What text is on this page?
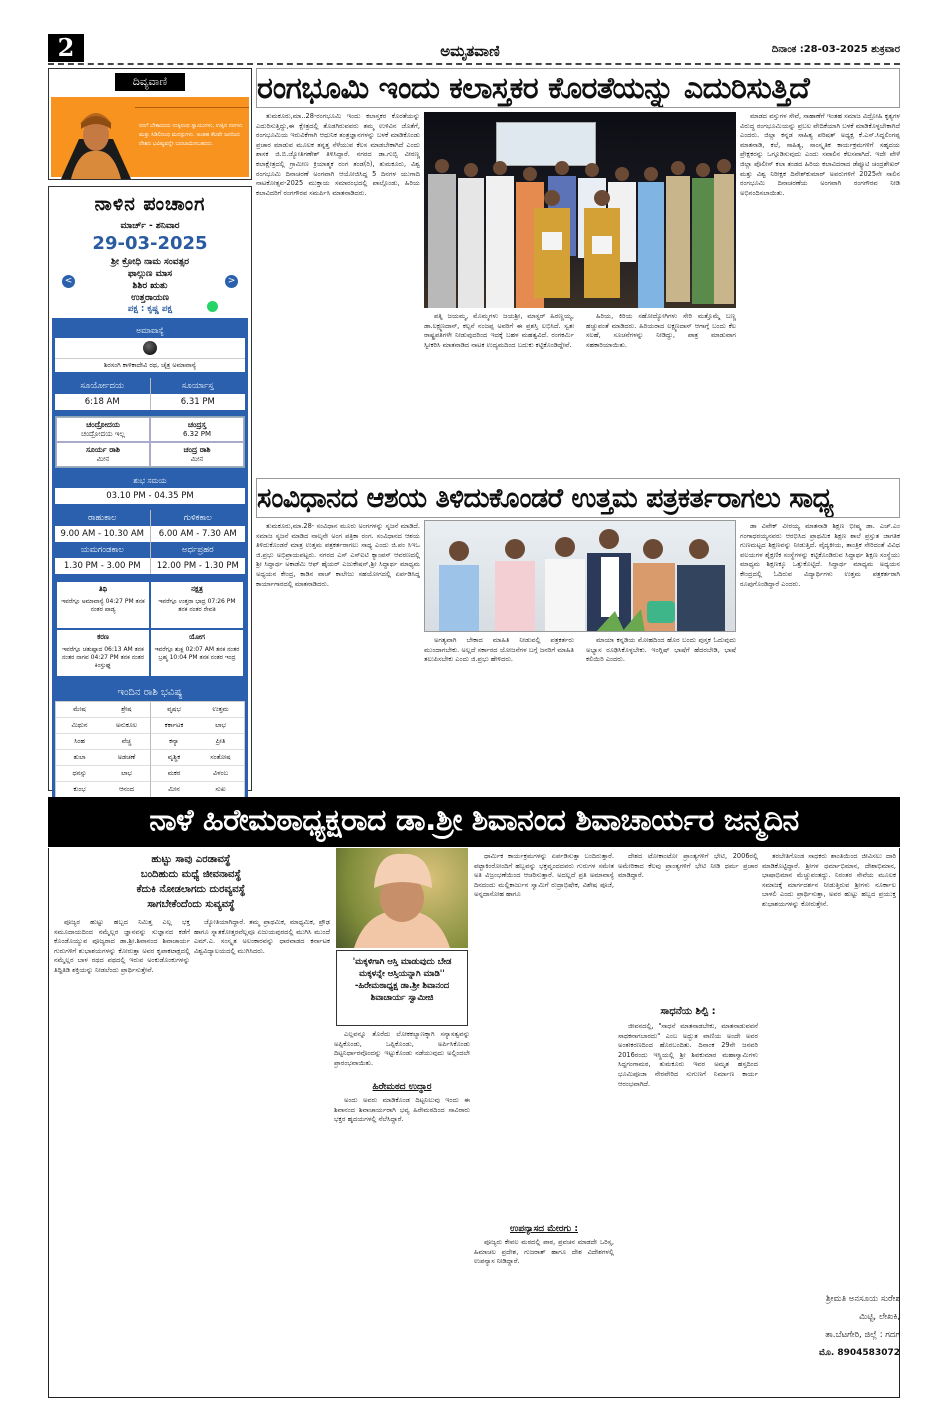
2	ಅಮೃತವಾಣಿ	ದಿನಾಂಕ :28-03-2025 ಶುಕ್ರವಾರ
ದಿವ್ಯವಾಣಿ
ನನಗೆ ಬೇಕಾದುದು ಉಕ್ಕಿನಂಥ ಸ್ನಾಯುಗಳು, ಉಕ್ಕಿನ ನರಗಳು ಮತ್ತು ಸಿಡಿಲಿನಂಥ ಮನಸ್ಸುಗಳು. ಅಂತಹ ಕೆಲವೇ ಜನರಿಂದ ದೇಶದ ಭವಿಷ್ಯವನ್ನೇ ಬದಲಾಯಿಸಬಹುದು.
ನಾಳಿನ ಪಂಚಾಂಗ
ಮಾರ್ಚ್ - ಶನಿವಾರ
29-03-2025
ಶ್ರೀ ಕ್ರೋಧಿ ನಾಮ ಸಂವತ್ಸರ
ಫಾಲ್ಗುಣ ಮಾಸ
ಶಿಶಿರ ಋತು
ಉತ್ತರಾಯಣ
ಪಕ್ಷ : ಕೃಷ್ಣ ಪಕ್ಷ
<	>
ಅಮಾವಾಸ್ಯೆ
ಶಿರಸಂಗಿ ಕಾಳಿಕಾದೇವಿ ರಥ, ಚೈತ್ರ ಅಮಾವಾಸ್ಯೆ
ಸೂರ್ಯೋದಯ	ಸೂರ್ಯಾಸ್ತ
6:18 AM	6.31 PM
ಚಂದ್ರೋದಯ
ಚಂದ್ರೋದಯ ಇಲ್ಲ
ಚಂದ್ರಸ್ತ
6.32 PM
ಸೂರ್ಯ ರಾಶಿ
ಮೀನ
ಚಂದ್ರ ರಾಶಿ
ಮೀನ
ಶುಭ ಸಮಯ
03.10 PM - 04.35 PM
ರಾಹುಕಾಲ	ಗುಳಿಕಕಾಲ
9.00 AM - 10.30 AM	6.00 AM - 7.30 AM
ಯಮಗಂಡಕಾಲ	ಅರ್ಧಪ್ರಹರ
1.30 PM - 3.00 PM	12.00 PM - 1.30 PM
ತಿಥಿ
ಇವರೆಗ್ಗೂ ಅಮಾವಾಸ್ಯೆ 04:27 PM ತನಕ ನಂತರ ಪಾಡ್ಯ
ನಕ್ಷತ್ರ
ಇವರೆಗ್ಗೂ ಉತ್ತರಾ ಭಾದ್ರ 07:26 PM ತನಕ ನಂತರ ರೇವತಿ
ಕರಣ
ಇವರೆಗ್ಗೂ ಚತುಷ್ಪಾದ 06:13 AM ತನಕ ನಂತರ ನಾಗವ 04:27 PM ತನಕ ನಂತರ ಕಿಂಸ್ತುಘ್ನ
ಯೋಗ
ಇವರೆಗ್ಗೂ ಶುಕ್ಲ 02:07 AM ತನಕ ನಂತರ ಬ್ರಹ್ಮ 10:04 PM ತನಕ ನಂತರ ಇಂದ್ರ
ಇಂದಿನ ರಾಶಿ ಭವಿಷ್ಯ
ಮೇಷ	ಶ್ರೇಷ	ವೃಷಭ	ಉತ್ತಮ
ಮಿಥುನ	ಅನುಕೂಲ	ಕರ್ಕಾಟಕ	ಲಾಭ
ಸಿಂಹ	ವೆಚ್ಚ	ಕನ್ಯಾ	ಪ್ರೀತಿ
ತುಲಾ	ಅಡಚಣೆ	ವೃಶ್ಚಿಕ	ಸಂತೋಷ
ಧನಸ್ಸು	ಲಾಭ	ಮಕರ	ವಿಳಂಬ
ಕುಂಭ	ಆನಂದ	ಮೀನ	ಸುಖ
ರಂಗಭೂಮಿ ಇಂದು ಕಲಾಸ್ತಕರ ಕೊರತೆಯನ್ನು ಎದುರಿಸುತ್ತಿದೆ

ತುಮಕೂರು,ಮಾ..28-ರಂಗಭೂಮಿ ಇಂದು ಕಲಾಸ್ತಕರ ಕೊರತೆಯನ್ನು ಎದುರಿಸುತ್ತಿದ್ದು,ಈ ಕ್ಷೇತ್ರದಲ್ಲಿ ತೊಡಗಿರುವವರು ತಮ್ಮ ಉಳಿವಿನ ಜೊತೆಗೆ, ರಂಗಭೂಮಿಯ ಇರುವಿಕೆಗಾಗಿ ಆಧುನಿಕ ತಂತ್ರಜ್ಞಾನಗಳನ್ನು ಬಳಕೆ ಮಾಡಿಕೊಂಡು ಪ್ರಚಾರ ಮಾಡುವ ಮೂಲಕ ತನ್ನತ್ತ ಸೆಳೆಯುವ ಕೆಲಸ ಮಾಡಬೇಕಾಗಿದೆ ಎಂದು ಶಾಸಕ ಜಿ.ಬಿ.ಜ್ಯೋತಿಗಣೇಶ್ ತಿಳಿಸಿದ್ದಾರೆ. ನಗರದ ಡಾ.ಗುಬ್ಬಿ ವೀರಣ್ಣ ಕಲಾಕ್ಷೇತ್ರದಲ್ಲಿ ಗ್ರಾಮೀಣ ಕ್ರಿಯಾತ್ಮಕ ರಂಗ ತಂಡ(ರಿ), ತುಮಕೂರು, ವಿಶ್ವ ರಂಗಭೂಮಿ ದಿನಾಚರಣೆ ಅಂಗವಾಗಿ ಆಯೋಜಿಸಿದ್ದ 5 ದಿನಗಳ ಯುಗಾದಿ ನಾಟಕೋತ್ಸವ-2025 ಮುಕ್ತಾಯ ಸಮಾರಂಭದಲ್ಲಿ ಪಾಲ್ಗೊಂಡು, ಹಿರಿಯ ಕಲಾವಿದರಿಗೆ ರಂಗಗೌರವ ಸಮರ್ಪಿಸಿ ಮಾತನಾಡಿದರು.

ಪತ್ನಿ ಜಯಮ್ಮ, ಮೊಮ್ಮಗಳು ಜಯಶ್ರೀ, ಮಾಸ್ಟರ್ ಹಿರಣ್ಣಯ್ಯ, ಡಾ.ಲಕ್ಷ್ಮಣದಾಸ್, ಕಲ್ಪನೆ ನಂಜಪ್ಪ ಅವರಿಗೆ ಈ ಪ್ರಶಸ್ತಿ ಲಭಿಸಿದೆ. ಸ್ವತಃ ರಾಷ್ಟ್ರಪತಿಗಳೇ ನೀಡುವುದರಿಂದ ಇದಕ್ಕೆ ಬಹಳ ಮಹತ್ವವಿದೆ. ರಂಗಕರ್ಮಿ ಸ್ವೀಕರಿಸಿ ಮಾತನಾಡಿದ ನಾಟಕ ಉದ್ಯಮದಿಂದ ಬದುಕು ಕಟ್ಟಿಕೊಂಡಿದ್ದೇವೆ.

ಹಿರಿಯ, ಕಿರಿಯ ಸಹೋದ್ಯೋಗಿಗಳು ಸೇರಿ ಮತ್ತೊಮ್ಮೆ ಬಣ್ಣ ಹಚ್ಚುವಂತೆ ಮಾಡಿದರು. ಹಿರಿಯರಾದ ಲಕ್ಷ್ಮಣದಾಸ್ ಆಗಾಗ್ಗೆ ಬಂದು ಕೆಲ ಸಲಹೆ, ಸೂಚನೆಗಳನ್ನು ನೀಡಿದ್ದು, ಪಾತ್ರ ಮಾಡುವಾಗ ಸಹಕಾರಿಯಾಯಿತು.

ಮಾಡದ ವಸ್ತುಗಳ ಸೇವೆ, ಸಾಹಾಣೆಗೆ ಇಂತಹ ಸಮಾಜ ವಿದ್ರೋಹಿ ಕೃತ್ಯಗಳ ವಿರುದ್ಧ ರಂಗಭೂಮಿಯನ್ನು ಪ್ರಬಲ ವೇದಿಕೆಯಾಗಿ ಬಳಕೆ ಮಾಡಿಕೊಳ್ಳಬೇಕಾಗಿದೆ ಎಂದರು. ಜಿಲ್ಲಾ ಕನ್ನಡ ಸಾಹಿತ್ಯ ಪರಿಷತ್ ಅಧ್ಯಕ್ಷ ಕೆ.ಎಸ್.ಸಿದ್ದಲಿಂಗಪ್ಪ ಮಾತನಾಡಿ, ಕಲೆ, ಸಾಹಿತ್ಯ, ಸಾಂಸ್ಕೃತಿಕ ಕಾರ್ಯಕ್ರಮಗಳಿಗೆ ಸಹೃದಯ ಪ್ರೇಕ್ಷಕರನ್ನು ಒಗ್ಗೂಡಿಸುವುದು ಎಂದು ಸವಾಲಿನ ಕೆಲಸವಾಗಿದೆ. ಇದೇ ವೇಳೆ ಜಿಲ್ಲಾ ಪೊಲೀಸ್ ಕಲಾ ತಂಡದ ಹಿರಿಯ ಕಲಾವಿದರಾದ ಡೆಪ್ಯೂಟಿ ಚಂದ್ರಶೇಖರ್ ಮತ್ತು ವಿಶ್ವ ನಿರೀಕ್ಷಕ ದಿನೇಶ್‍ಕುಮಾರ್ ಅವರುಗಳಿಗೆ 2025ನೇ ಸಾಲಿನ ರಂಗಭೂಮಿ ದಿನಾಚರಣೆಯ ಅಂಗವಾಗಿ ರಂಗಗೌರವ ನೀಡಿ ಅಭಿನಂದಿಸಲಾಯಿತು.

ಸಂವಿಧಾನದ ಆಶಯ ತಿಳಿದುಕೊಂಡರೆ ಉತ್ತಮ ಪತ್ರಕರ್ತರಾಗಲು ಸಾಧ್ಯ

ತುಮಕೂರು,ಮಾ.28- ಸಂವಿಧಾನ ಮೂರು ಅಂಗಗಳನ್ನು ಸೃಜನೆ ಮಾಡಿದೆ. ಸಮಾಜ ಸೃಜನೆ ಮಾಡಿದ ನಾಲ್ಕನೇ ಅಂಗ ಪತ್ರಿಕಾ ರಂಗ. ಸಂವಿಧಾನದ ಆಶಯ ತಿಳಿದುಕೊಂಡರೆ ಮಾತ್ರ ಉತ್ತಮ ಪತ್ರಕರ್ತರಾಗಲು ಸಾಧ್ಯ ಎಂದು ಜಿ.ಪಂ ಸಿಇಒ ಜಿ.ಪ್ರಭು ಅಭಿಪ್ರಾಯಪಟ್ಟರು. ನಗರದ ಎಸ್ ಎಸ್‍ಐಟಿ ಕ್ಯಾಂಪಸ್ ಆವರಣದಲ್ಲಿ ಶ್ರೀ ಸಿದ್ಧಾರ್ಥ ಅಕಾಡೆಮಿ ಆಫ್ ಹೈಯರ್ ಎಜುಕೇಷನ್,ಶ್ರೀ ಸಿದ್ಧಾರ್ಥ ಮಾಧ್ಯಮ ಅಧ್ಯಯನ ಕೇಂದ್ರ, ಕಾಡಿನ ವಾಚ್ ಕಾಲೇಜು ಸಹಯೋಗದಲ್ಲಿ ಏರ್ಪಡಿಸಿದ್ದ ಕಾರ್ಯಾಗಾರದಲ್ಲಿ ಮಾತನಾಡಿದರು.

ಅಗತ್ಯವಾಗಿ ಬೇಕಾದ ಮಾಹಿತಿ ನೀಡುವಲ್ಲಿ ಪತ್ರಕರ್ತರು ಮುಂದಾಗಬೇಕು. ಅಲ್ಲದೆ ಸರ್ಕಾರದ ಯೋಜನೆಗಳ ಬಗ್ಗೆ ಜನರಿಗೆ ಮಾಹಿತಿ ತಲುಪಿಸಬೇಕು ಎಂದು ಜಿ.ಪ್ರಭು ಹೇಳಿದರು.

ಮಾಯಾ ಕನ್ನಡಿಯ ಮೋಹದಿಂದ ಹೊರ ಬಂದು ಪುಸ್ತಕ ಓದುವುದು ಅಭ್ಯಾಸ ರೂಢಿಸಿಕೊಳ್ಳಬೇಕು. ಇಂಗ್ಲಿಷ್ ಭಾಷೆಗೆ ಹೆದರಬೇಡಿ, ಭಾಷೆ ಕಲಿಯಿರಿ ಎಂದರು.

ಡಾ ವಿವೇಕ್ ವೀರಯ್ಯ ಮಾತನಾಡಿ ಶಿಕ್ಷಣ ಭೀಷ್ಮ ಡಾ. ಎಚ್.ಎಂ ಗಂಗಾಧರಯ್ಯನವರು ಆರಭಿಸಿದ ಪ್ರಾಥಮಿಕ ಶಿಕ್ಷಣ ಶಾಲೆ ಪ್ರಸ್ತುತ ಜಾಗತಿಕ ಗುಣಮಟ್ಟದ ಶಿಕ್ಷಣವನ್ನು ನೀಡುತ್ತಿದೆ. ವೈದ್ಯಕೀಯ, ತಾಂತ್ರಿಕ ಸೇರಿದಂತೆ ವಿವಿಧ ವಲಯಗಳ ಶೈಕ್ಷಣಿಕ ಸಂಸ್ಥೆಗಳನ್ನು ಕಟ್ಟಿಕೊಂಡಿರುವ ಸಿದ್ಧಾರ್ಥ ಶಿಕ್ಷಣ ಸಂಸ್ಥೆಯು ಮಾಧ್ಯಮ ಶಿಕ್ಷಣಕ್ಕೂ ಒತ್ತುಕೊಟ್ಟಿದೆ. ಸಿದ್ಧಾರ್ಥ ಮಾಧ್ಯಮ ಅಧ್ಯಯನ ಕೇಂದ್ರದಲ್ಲಿ ಓದಿರುವ ವಿದ್ಯಾರ್ಥಿಗಳು ಉತ್ತಮ ಪತ್ರಕರ್ತರಾಗಿ ರೂಪುಗೊಂಡಿದ್ದಾರೆ ಎಂದರು.

ನಾಳೆ ಹಿರೇಮಠಾಧ್ಯಕ್ಷರಾದ ಡಾ.ಶ್ರೀ ಶಿವಾನಂದ ಶಿವಾಚಾರ್ಯರ ಜನ್ಮದಿನ
ಹುಟ್ಟು ಸಾವು ಎರಡಾವಸ್ಥೆ
ಬಂದಿಹುದು ಮಧ್ಯೆ ಜೀವನಾವಸ್ಥೆ
ಕೆದುಕಿ ನೋಡಲಾಗದು ದುರವ್ಯವಸ್ಥೆ
ಸಾಗಬೇಕೆಂದೆಂದು ಸುವ್ಯವಸ್ಥೆ

ಪೂಜ್ಯರ ಹುಟ್ಟು ಹಬ್ಬದ ನಿಮಿತ್ತ ಎಲ್ಲ ಭಕ್ತ ಸಮೂದಾಯದಿಂದ ನಮ್ಮೆಲ್ಲರ ಜ್ಞಾನವನ್ನು ಸುಜ್ಞಾನದ ಕಡೆಗೆ ಕೊಂಡೊಯ್ಯುವ ಪೂಜ್ಯರಾದ ಡಾ.ಶ್ರೀ.ಶಿವಾನಂದ ಶಿವಾಚಾರ್ಯ ಗುರುಗಳಿಗೆ ಶುಭಾಶಯಗಳನ್ನು ಕೋರುತ್ತಾ ಅವರ ಕೃಪಾಕಟಾಕ್ಷದಲ್ಲಿ ನಮ್ಮೆಲ್ಲರ ಬಾಳ ರಥದ ಪಥದಲ್ಲಿ ಇರುವ ಅಂಕುಡೊಂಕುಗಳನ್ನು ತಿದ್ದಿತಿಡಿ ಶಕ್ತಿಯನ್ನು ನೀಡಲೆಂದು ಪ್ರಾರ್ಥಿಸುತ್ತೇವೆ.

ಜ್ಯೋತಿಯಾಗಿದ್ದಾರೆ. ತಮ್ಮ ಪ್ರಾಥಮಿಕ, ಮಾಧ್ಯಮಿಕ, ಪ್ರೌಢ ಹಾಗೂ ಸ್ನಾತಕೋತ್ತರವೆಲ್ಲವೂ ಏಜುಯಪುರದಲ್ಲಿ ಮುಗಿಸಿ ಮುಂದೆ ಎಮ್.ಎ. ಸಂಸ್ಕೃತ ಅಲಂಕಾರವನ್ನು ಧಾರವಾಡದ ಕರ್ನಾಟಕ ವಿಶ್ವವಿದ್ಯಾಲಯದಲ್ಲಿ ಮುಗಿಸಿದರು.

'ಮಕ್ಕಳಿಗಾಗಿ ಆಸ್ತಿ ಮಾಡುವುದು ಬೇಡ ಮಕ್ಕಳನ್ನೇ ಆಸ್ತಿಯನ್ನಾಗಿ ಮಾಡಿ'' -ಹಿರೇಮಠಾಧ್ಯಕ್ಷ ಡಾ.ಶ್ರೀ ಶಿವಾನಂದ ಶಿವಾಚಾರ್ಯ ಸ್ವಾಮೀಜಿ

ಎಲ್ಲವನ್ನೂ ತೊರೆದು ಲೋಕಕಲ್ಯಾಣಕ್ಕಾಗಿ ಸನ್ಯಾಸತ್ವವನ್ನು ಅಪ್ಪಿಕೊಂಡು, ಒಪ್ಪಿಕೊಂಡು, ಅರ್ಪಿಸಿಕೊಂಡು ದಿಟ್ಟನಿರ್ಧಾರವೊಂದನ್ನು ಇಟ್ಟುಕೊಂಡು ನಡೆಯುವುದು ಅಲ್ಲಿಂದಲೇ ಪ್ರಾರಂಭವಾಯಿತು.

ಹಿರೇಮಠದ ಉದ್ಧಾರ

ಅಂದು ಅವರು ಮಾಡಿಕೊಂಡ ದಿಟ್ಟನಿಲುವು ಇಂದು ಈ ಶಿವಾನಂದ ಶಿವಾಚಾರ್ಯರಾಗಿ ಭವ್ಯ ಹಿರೇಮಠದಿಂದ ಸಾವಿರಾರು ಭಕ್ತರ ಹೃದಯಗಳಲ್ಲಿ ನೆಲೆಸಿದ್ದಾರೆ.

ಧಾರ್ಮಿಕ ಕಾರ್ಯಕ್ರಮಗಳನ್ನು ಏರ್ಪಡಿಸುತ್ತಾ ಬಂದಿರುತ್ತಾರೆ. ಪಟ್ಟಾಕಿಂರೋಂದಿಗೆ ಹಬ್ಬವನ್ನು ಭಕ್ತವೃಂದದವರು ಗುರುಗಳ ಸಮೇತ ಅತಿ ವಿಜ್ರಂಭಣೆಯಿಂದ ಆಚರಿಸುತ್ತಾರೆ. ಅದಲ್ಲದೆ ಪ್ರತಿ ಅಮಾವಾಸ್ಯೆ ದಿನದಂದು ಮಲ್ಲಿಕಾರ್ಜುನ ಸ್ವಾಮಿಗೆ ರುದ್ರಾಭಿಷೇಕ, ವಿಶೇಷ ಪೂಜೆ, ಅನ್ನದಾಸೋಹ ಹಾಗೂ

ಉಪನ್ಯಾಸದ ಮೇರಗು :

ಪೂಜ್ಯರು ಕೇವಲ ಮಠದಲ್ಲಿ ಪಾಠ, ಪ್ರವಚನ ಮಾಡದೇ ಒರಿಸ್ಸ, ಹಿಮಾಚಲ ಪ್ರದೇಶ, ಗುಜರಾತ್ ಹಾಗೂ ದೇಶ ವಿದೇಶಗಳಲ್ಲಿ ಉಪನ್ಯಾಸ ನೀಡಿದ್ದಾರೆ.

ದೇಶದ ಟೋಕಾಂಟೋ ಪ್ರಾಂತ್ಯಗಳಿಗೆ ಭೇಟಿ, 2006ರಲ್ಲಿ ಅಮೇರಿಕಾದ ಕೆಲವು ಪ್ರಾಂತ್ಯಗಳಿಗೆ ಭೇಟಿ ನೀಡಿ ಧರ್ಮ ಪ್ರಚಾರ ಮಾಡಿದ್ದಾರೆ.

ಸಾಧನೆಯ ಶಿಲ್ಪಿ :

ಜೀವನದಲ್ಲಿ, "ಸಾಧನೆ ಮಾತನಾಡಬೇಕು, ಮಾತನಾಡುವವನೆ ಸಾಧಕನಾಗಬಾರದು" ಎಂಬ ಅದ್ಭುತ ವಾಣಿಯ ಅಂದೇ ಅವರ ಅಂತಃಕರಣದಿಂದ ಹೊರಬಂದಿತು. ದಿನಾಂಕ 29ನೇ ಜನವರಿ 2016ರಂದು ಇಸ್ಥಿಯಲ್ಲಿ ಶ್ರೀ ಶಿವಕುಮಾರ ಮಹಾಸ್ವಾಮಿಗಳು ಸಿದ್ದಗಂಗಾಮಠ, ತುಮಕೂರು ಇವರ ಅಮೃತ ಹಸ್ತದಿಂದ ಭೂಮಿಪೂಜಾ ನೇರವೇರಿದ ಸುಗುಣಗೆ ನಿರ್ಮಾಣ ಕಾರ್ಯ ಆರಂಭವಾಗಿದೆ.

ತರಬೇತಿಗೊಂಡ ಸಾಧಕರು ಶಾಂತಿಯಿಂದ ಜೀವಿಸಲು ದಾರಿ ಮಾಡಿಕೊಟ್ಟಿದ್ದಾರೆ. ಶ್ರೀಗಳ ಧರ್ಮಾಭಿಮಾನ, ದೇಶಾಭಿಮಾನ, ಭಾಷಾಭಿಮಾನ ಮೆಚ್ಚುವಂತದ್ದು. ನಿರಂತರ ಸೇವೆಯ ಮೂಲಕ ಸಮಾಜಕ್ಕೆ ಮಾರ್ಗದರ್ಶನ ನೀಡುತ್ತಿರುವ ಶ್ರೀಗಳು ನೂರ್ಕಾಲ ಬಾಳಲಿ ಎಂದು ಪ್ರಾರ್ಥಿಸುತ್ತಾ, ಅವರ ಹುಟ್ಟು ಹಬ್ಬದ ಪ್ರಯುಕ್ತ ಶುಭಾಶಯಗಳನ್ನು ಕೋರುತ್ತೇನೆ.

ಶ್ರೀಮತಿ ಅನಸೂಯ ಸುರೇಶ
ಮಿಟ್ಟಿ, ಲೇಖಕಿ,
ತಾ.ಬೆಟಗೇರಿ, ಜಿಲ್ಲೆ : ಗದಗ
ಮೊ. 8904583072
